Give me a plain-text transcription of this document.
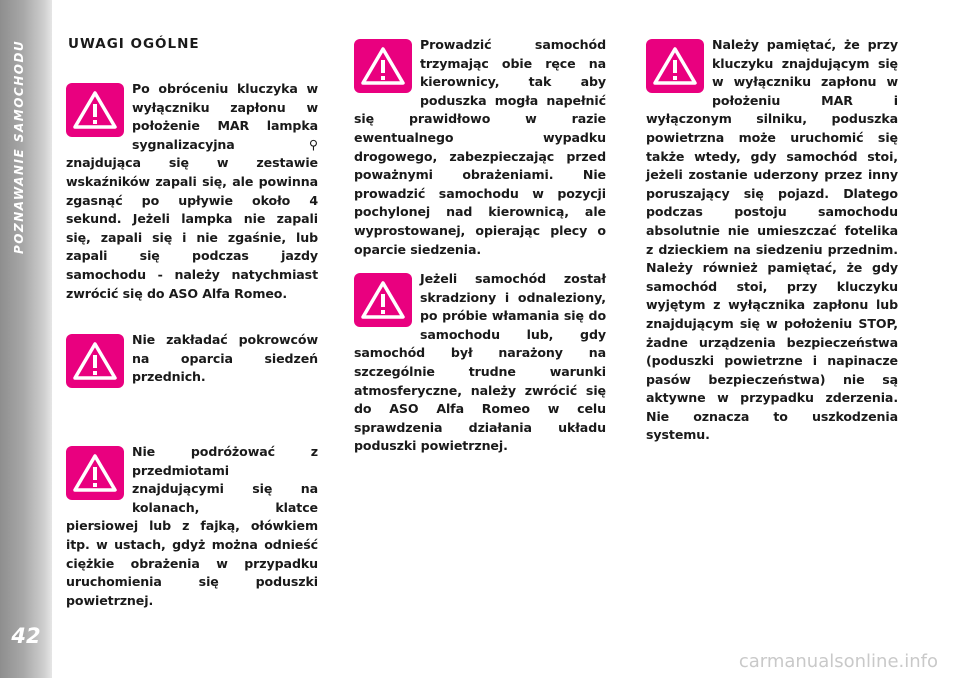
POZNAWANIE SAMOCHODU
42
UWAGI OGÓLNE
Po obróceniu kluczyka w wyłączniku zapłonu w położenie MAR lampka sygnalizacyjna ⚲ znajdująca się w zestawie wskaźników zapali się, ale powinna zgasnąć po upływie około 4 sekund. Jeżeli lampka nie zapali się, zapali się i nie zgaśnie, lub zapali się podczas jazdy samochodu - należy natychmiast zwrócić się do ASO Alfa Romeo.
Nie zakładać pokrowców na oparcia siedzeń przednich.
Nie podróżować z przedmiotami znajdującymi się na kolanach, klatce piersiowej lub z fajką, ołówkiem itp. w ustach, gdyż można odnieść ciężkie obrażenia w przypadku uruchomienia się poduszki powietrznej.
Prowadzić samochód trzymając obie ręce na kierownicy, tak aby poduszka mogła napełnić się prawidłowo w razie ewentualnego wypadku drogowego, zabezpieczając przed poważnymi obrażeniami. Nie prowadzić samochodu w pozycji pochylonej nad kierownicą, ale wyprostowanej, opierając plecy o oparcie siedzenia.
Jeżeli samochód został skradziony i odnaleziony, po próbie włamania się do samochodu lub, gdy samochód był narażony na szczególnie trudne warunki atmosferyczne, należy zwrócić się do ASO Alfa Romeo w celu sprawdzenia działania układu poduszki powietrznej.
Należy pamiętać, że przy kluczyku znajdującym się w wyłączniku zapłonu w położeniu MAR i wyłączonym silniku, poduszka powietrzna może uruchomić się także wtedy, gdy samochód stoi, jeżeli zostanie uderzony przez inny poruszający się pojazd. Dlatego podczas postoju samochodu absolutnie nie umieszczać fotelika z dzieckiem na siedzeniu przednim. Należy również pamiętać, że gdy samochód stoi, przy kluczyku wyjętym z wyłącznika zapłonu lub znajdującym się w położeniu STOP, żadne urządzenia bezpieczeństwa (poduszki powietrzne i napinacze pasów bezpieczeństwa) nie są aktywne w przypadku zderzenia. Nie oznacza to uszkodzenia systemu.
carmanualsonline.info
